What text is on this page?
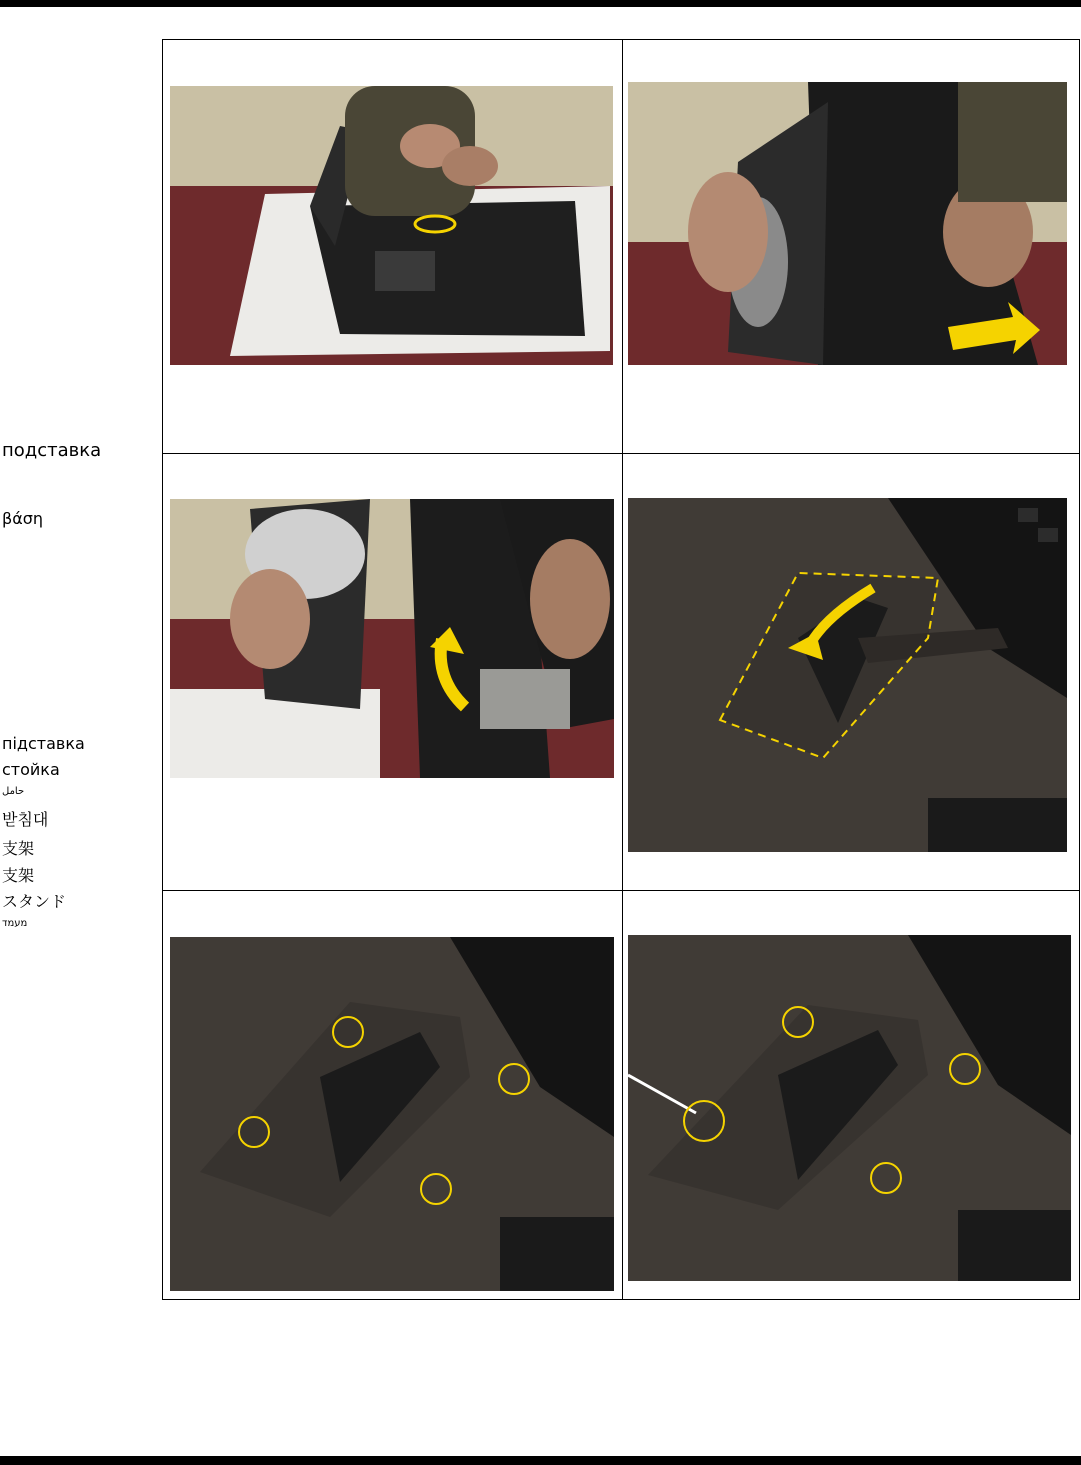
подставка
βάση
підставка
стойка
حامل
받침대
支架
支架
スタンド
מעמד
